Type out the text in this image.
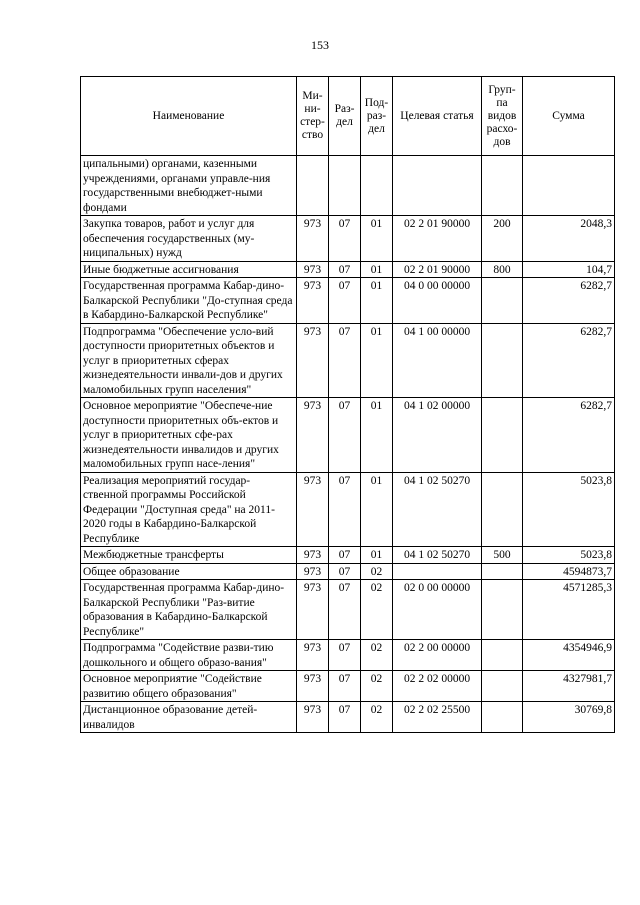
153
Наименование	Ми-ни-стер-ство	Раз-дел	Под-раз-дел	Целевая статья	Груп-па видов расхо-дов	Сумма
ципальными) органами, казенными учреждениями, органами управле-ния государственными внебюджет-ными фондами						
Закупка товаров, работ и услуг для обеспечения государственных (му-ниципальных) нужд	973	07	01	02 2 01 90000	200	2048,3
Иные бюджетные ассигнования	973	07	01	02 2 01 90000	800	104,7
Государственная программа Кабар-дино-Балкарской Республики "До-ступная среда в Кабардино-Балкарской Республике"	973	07	01	04 0 00 00000		6282,7
Подпрограмма "Обеспечение усло-вий доступности приоритетных объектов и услуг в приоритетных сферах жизнедеятельности инвали-дов и других маломобильных групп населения"	973	07	01	04 1 00 00000		6282,7
Основное мероприятие "Обеспече-ние доступности приоритетных объ-ектов и услуг в приоритетных сфе-рах жизнедеятельности инвалидов и других маломобильных групп насе-ления"	973	07	01	04 1 02 00000		6282,7
Реализация мероприятий государ-ственной программы Российской Федерации "Доступная среда" на 2011-2020 годы в Кабардино-Балкарской Республике	973	07	01	04 1 02 50270		5023,8
Межбюджетные трансферты	973	07	01	04 1 02 50270	500	5023,8
Общее образование	973	07	02			4594873,7
Государственная программа Кабар-дино-Балкарской Республики "Раз-витие образования в Кабардино-Балкарской Республике"	973	07	02	02 0 00 00000		4571285,3
Подпрограмма "Содействие разви-тию дошкольного и общего образо-вания"	973	07	02	02 2 00 00000		4354946,9
Основное мероприятие "Содействие развитию общего образования"	973	07	02	02 2 02 00000		4327981,7
Дистанционное образование детей-инвалидов	973	07	02	02 2 02 25500		30769,8
